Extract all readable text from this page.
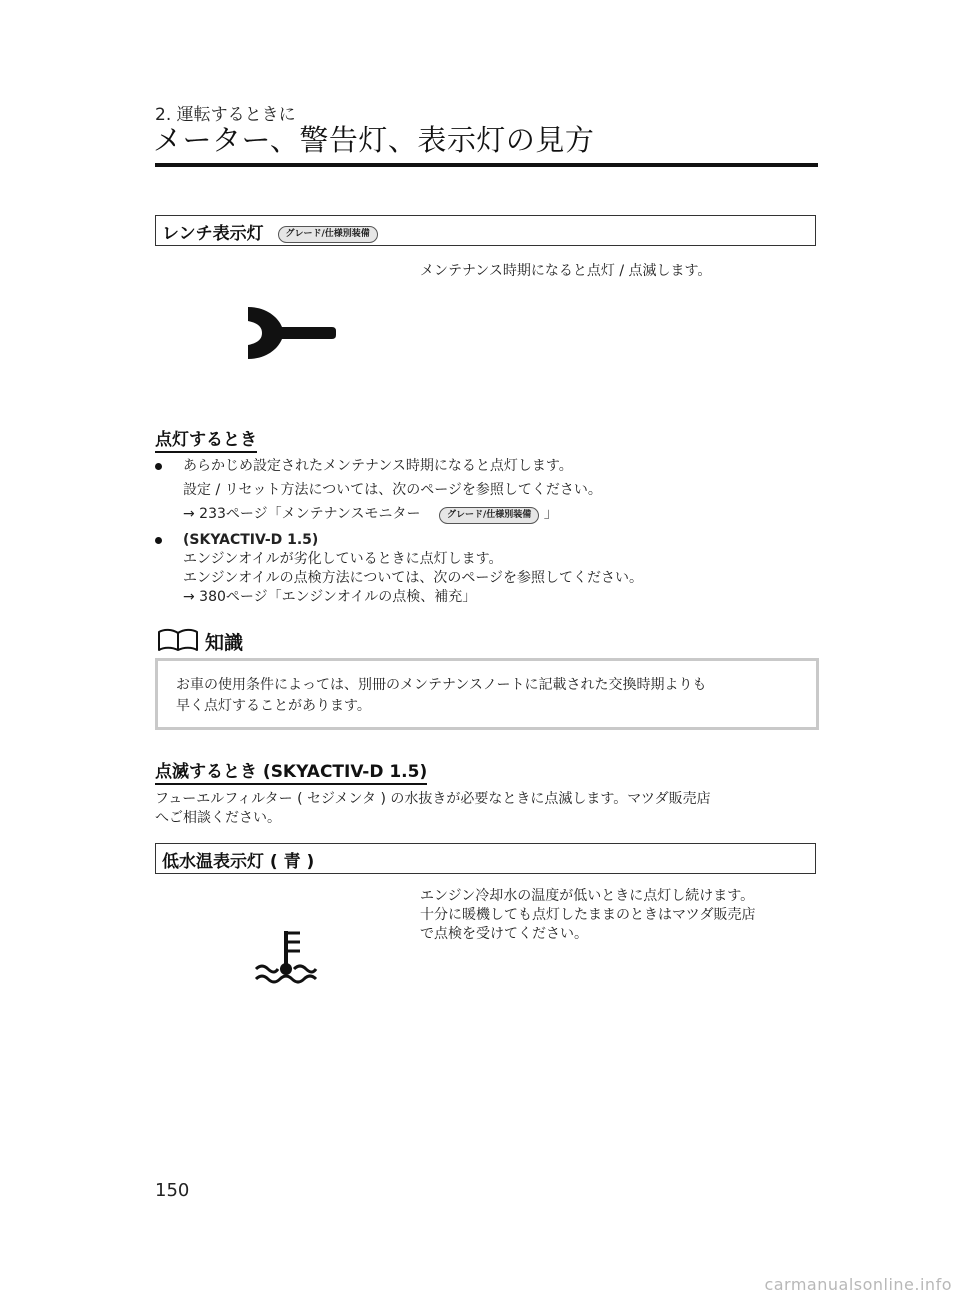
2. 運転するときに
メーター、警告灯、表示灯の見方
レンチ表示灯 グレード/仕様別装備
メンテナンス時期になると点灯 / 点滅します。
点灯するとき
あらかじめ設定されたメンテナンス時期になると点灯します。
設定 / リセット方法については、次のページを参照してください。
→ 233ページ「メンテナンスモニター	グレード/仕様別装備 」
(SKYACTIV-D 1.5)
エンジンオイルが劣化しているときに点灯します。
エンジンオイルの点検方法については、次のページを参照してください。
→ 380ページ「エンジンオイルの点検、補充」
知識
お車の使用条件によっては、別冊のメンテナンスノートに記載された交換時期よりも
早く点灯することがあります。
点滅するとき (SKYACTIV-D 1.5)
フューエルフィルター ( セジメンタ ) の水抜きが必要なときに点滅します。マツダ販売店
へご相談ください。
低水温表示灯 ( 青 )
エンジン冷却水の温度が低いときに点灯し続けます。
十分に暖機しても点灯したままのときはマツダ販売店
で点検を受けてください。
150
carmanualsonline.info
